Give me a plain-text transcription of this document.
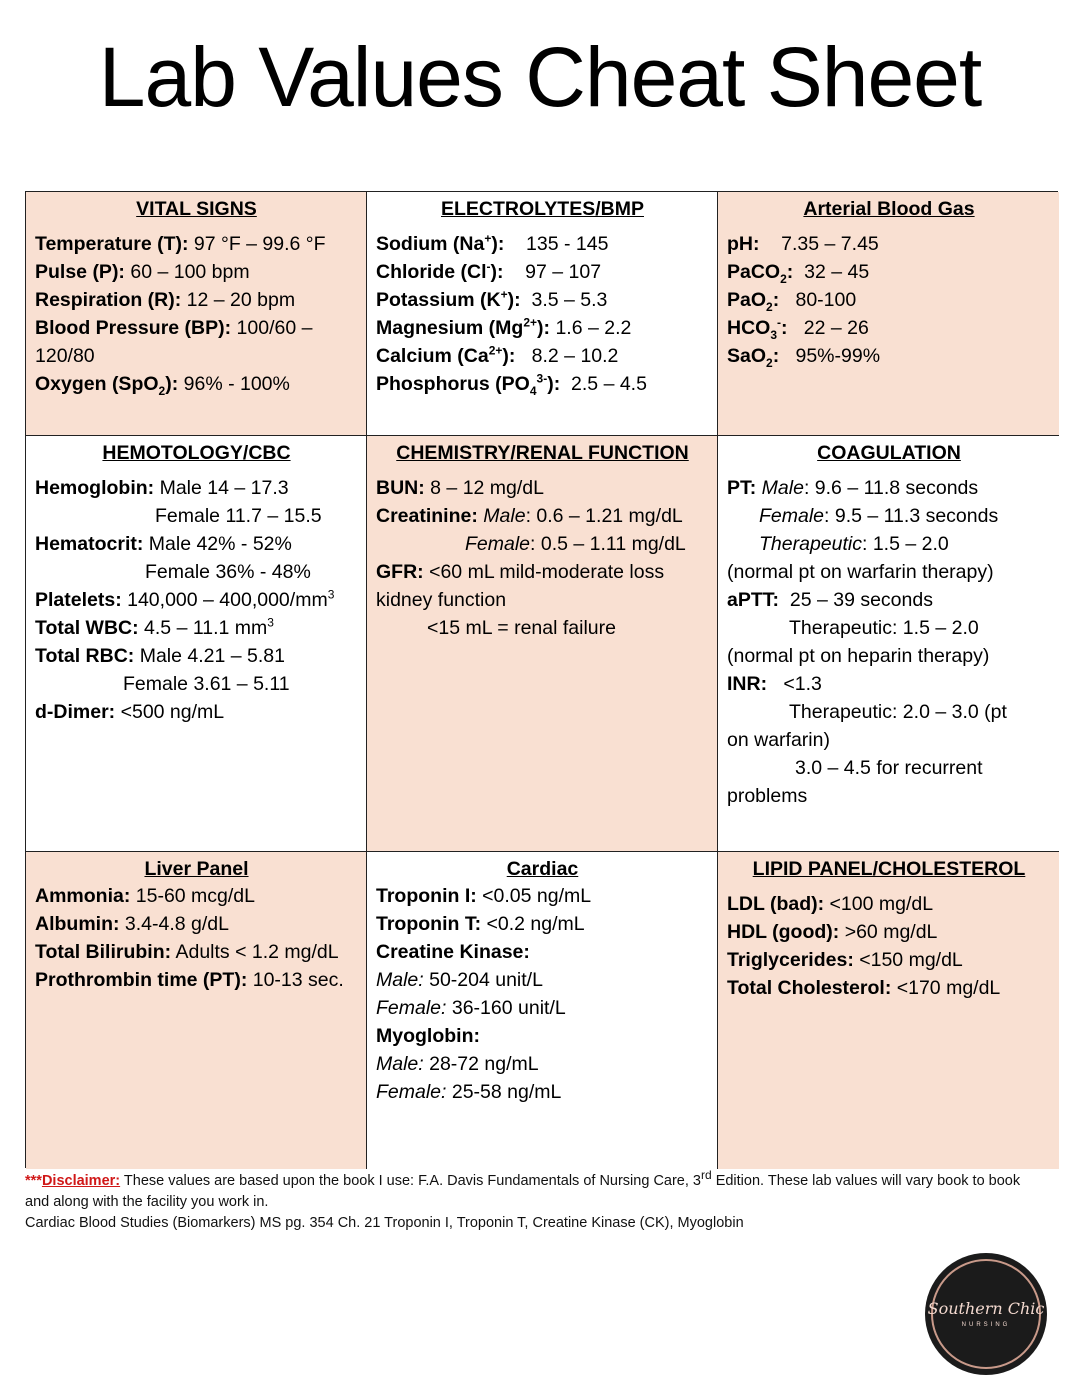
Lab Values Cheat Sheet
VITAL SIGNS
Temperature (T): 97 °F – 99.6 °F
Pulse (P): 60 – 100 bpm
Respiration (R): 12 – 20 bpm
Blood Pressure (BP): 100/60 –
120/80
Oxygen (SpO$_2$): 96% - 100%
ELECTROLYTES/BMP
Sodium (Na+): 135 - 145
Chloride (Cl-): 97 – 107
Potassium (K+): 3.5 – 5.3
Magnesium $(Mg^{2+})$: 1.6 – 2.2
Calcium $(Ca^{2+})$: 8.2 – 10.2
Phosphorus $(PO_4^{3-})$: 2.5 – 4.5
Arterial Blood Gas
pH: 7.35 – 7.45
PaCO$_2$: 32 – 45
PaO$_2$: 80-100
$HCO_3^-$: 22 – 26
SaO$_2$: 95%-99%
HEMOTOLOGY/CBC
Hemoglobin: Male 14 – 17.3
Female 11.7 – 15.5
Hematocrit: Male 42% - 52%
Female 36% - 48%
Platelets: $140,000 - 400,000/mm^3$
Total WBC: 4.5 – 11.1 $mm^3$
Total RBC: Male 4.21 – 5.81
Female 3.61 – 5.11
d-Dimer: <500 ng/mL
CHEMISTRY/RENAL FUNCTION
BUN: 8 – 12 mg/dL
Creatinine: Male: 0.6 – 1.21 mg/dL
Female: 0.5 – 1.11 mg/dL
GFR: <60 mL mild-moderate loss
kidney function
<15 mL = renal failure
COAGULATION
PT: Male: 9.6 – 11.8 seconds
Female: 9.5 – 11.3 seconds
Therapeutic: 1.5 – 2.0
(normal pt on warfarin therapy)
aPTT: 25 – 39 seconds
Therapeutic: 1.5 – 2.0
(normal pt on heparin therapy)
INR: <1.3
Therapeutic: 2.0 – 3.0 (pt
on warfarin)
3.0 – 4.5 for recurrent
problems
Liver Panel
Ammonia: 15-60 mcg/dL
Albumin: 3.4-4.8 g/dL
Total Bilirubin: Adults < 1.2 mg/dL
Prothrombin time (PT): 10-13 sec.
Cardiac
Troponin I: <0.05 ng/mL
Troponin T: <0.2 ng/mL
Creatine Kinase:
Male: 50-204 unit/L
Female: 36-160 unit/L
Myoglobin:
Male: 28-72 ng/mL
Female: 25-58 ng/mL
LIPID PANEL/CHOLESTEROL
LDL (bad): <100 mg/dL
HDL (good): >60 mg/dL
Triglycerides: <150 mg/dL
Total Cholesterol: <170 mg/dL
***Disclaimer: These values are based upon the book I use: F.A. Davis Fundamentals of Nursing Care, 3rd Edition. These lab values will vary book to book and along with the facility you work in.
Cardiac Blood Studies (Biomarkers) MS pg. 354 Ch. 21 Troponin I, Troponin T, Creatine Kinase (CK), Myoglobin
Southern Chic
NURSING
